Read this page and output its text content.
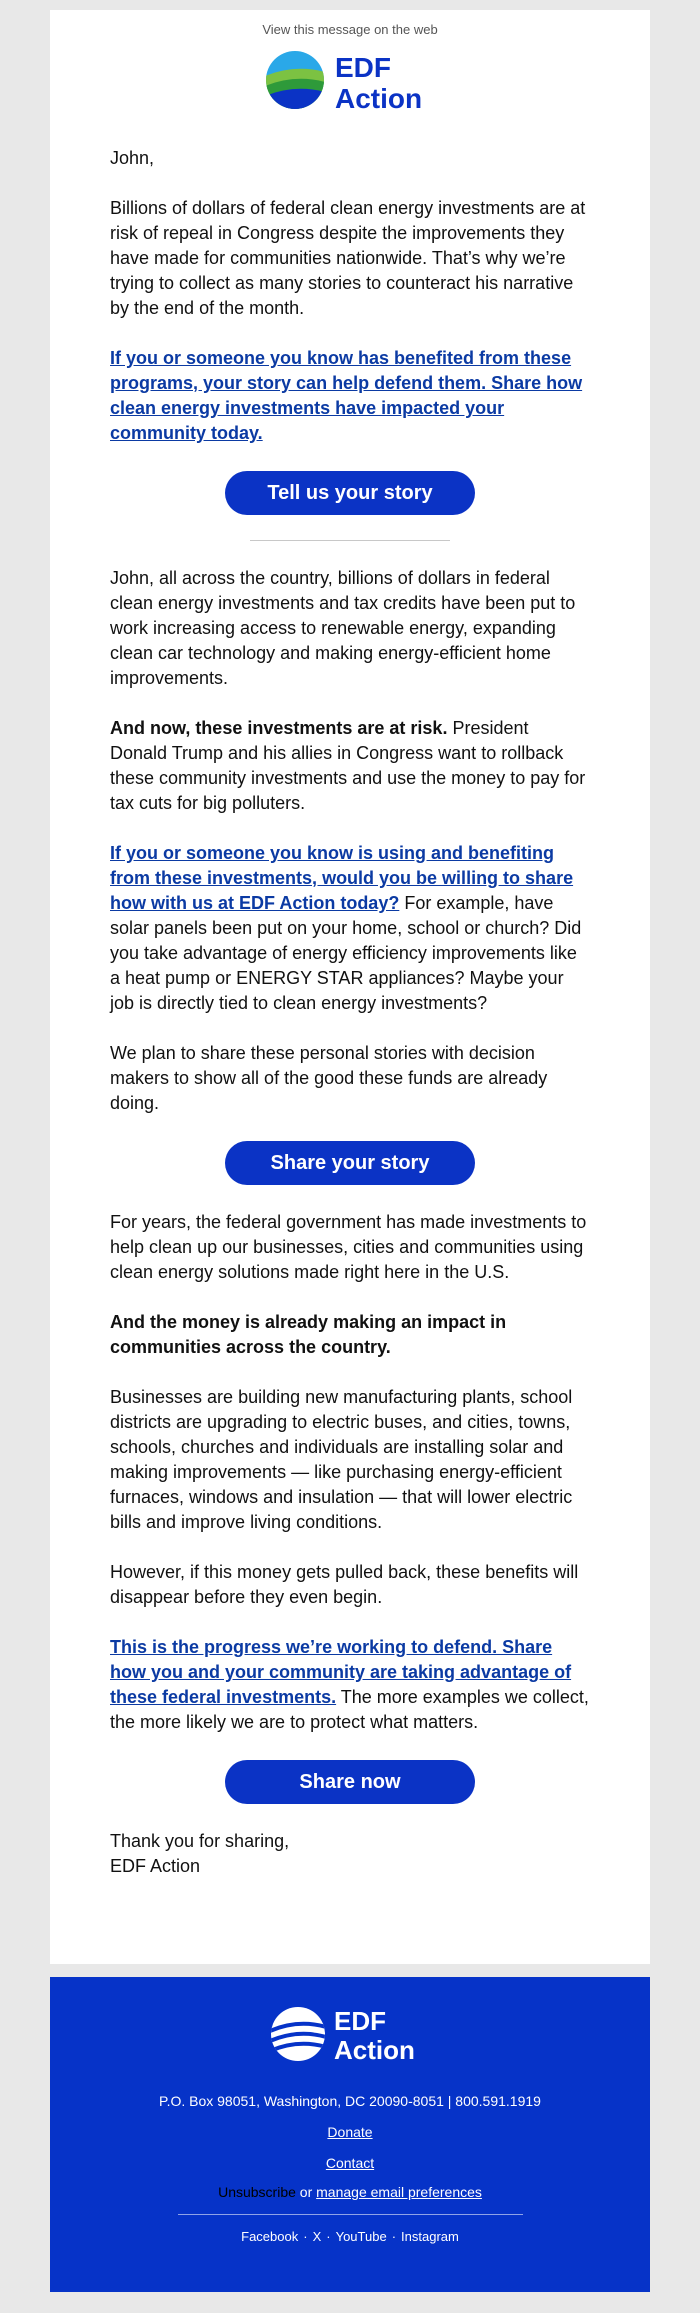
View this message on the web
EDF
Action

John,

Billions of dollars of federal clean energy investments are at risk of repeal in Congress despite the improvements they have made for communities nationwide. That’s why we’re trying to collect as many stories to counteract his narrative by the end of the month.

If you or someone you know has benefited from these programs, your story can help defend them. Share how clean energy investments have impacted your community today.

Tell us your story

John, all across the country, billions of dollars in federal clean energy investments and tax credits have been put to work increasing access to renewable energy, expanding clean car technology and making energy-efficient home improvements.

And now, these investments are at risk. President Donald Trump and his allies in Congress want to rollback these community investments and use the money to pay for tax cuts for big polluters.

If you or someone you know is using and benefiting from these investments, would you be willing to share how with us at EDF Action today? For example, have solar panels been put on your home, school or church? Did you take advantage of energy efficiency improvements like a heat pump or ENERGY STAR appliances? Maybe your job is directly tied to clean energy investments?

We plan to share these personal stories with decision makers to show all of the good these funds are already doing.

Share your story

For years, the federal government has made investments to help clean up our businesses, cities and communities using clean energy solutions made right here in the U.S.

And the money is already making an impact in communities across the country.

Businesses are building new manufacturing plants, school districts are upgrading to electric buses, and cities, towns, schools, churches and individuals are installing solar and making improvements — like purchasing energy-efficient furnaces, windows and insulation — that will lower electric bills and improve living conditions.

However, if this money gets pulled back, these benefits will disappear before they even begin.

This is the progress we’re working to defend. Share how you and your community are taking advantage of these federal investments. The more examples we collect, the more likely we are to protect what matters.

Share now

Thank you for sharing,
EDF Action

EDF
Action
P.O. Box 98051, Washington, DC 20090-8051 | 800.591.1919
Donate
Contact
Unsubscribe or manage email preferences
Facebook · X · YouTube · Instagram
